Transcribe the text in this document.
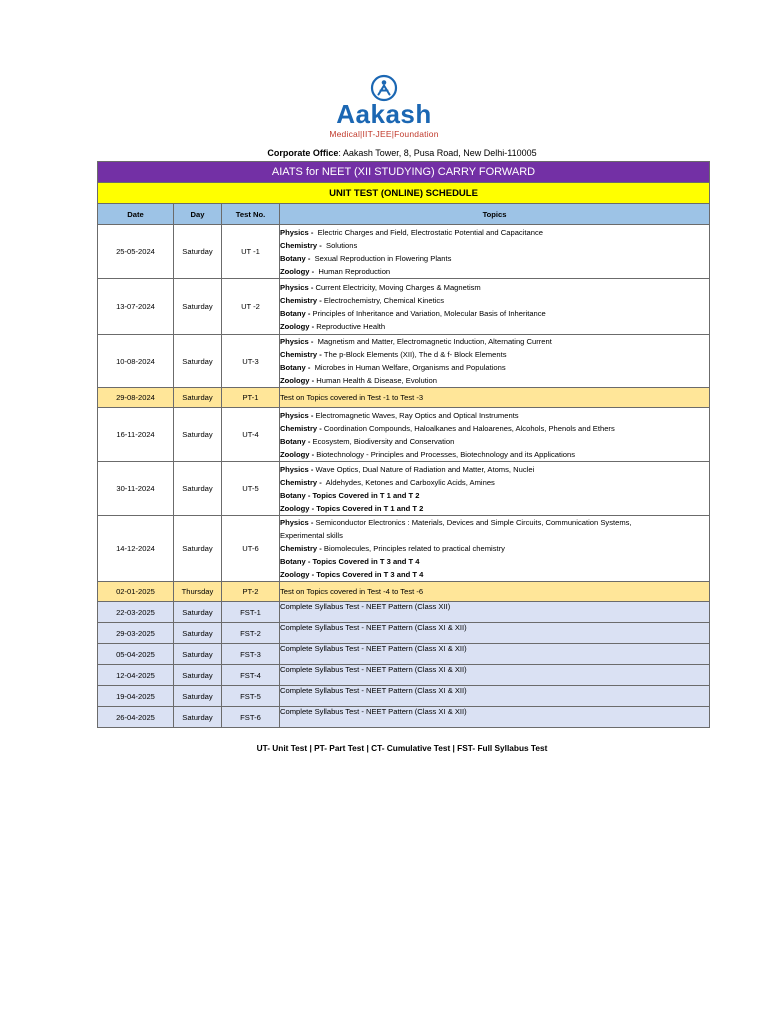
Aakash
Medical|IIT-JEE|Foundation
Corporate Office: Aakash Tower, 8, Pusa Road, New Delhi-110005
AIATS for NEET (XII STUDYING) CARRY FORWARD			
UNIT TEST (ONLINE) SCHEDULE			
Date	Day	Test No.	Topics
25-05-2024	Saturday	UT -1	Physics -  Electric Charges and Field, Electrostatic Potential and Capacitance
Chemistry -  Solutions
Botany -  Sexual Reproduction in Flowering Plants
Zoology -  Human Reproduction

13-07-2024	Saturday	UT -2	Physics - Current Electricity, Moving Charges & Magnetism
Chemistry - Electrochemistry, Chemical Kinetics
Botany - Principles of Inheritance and Variation, Molecular Basis of Inheritance
Zoology - Reproductive Health

10-08-2024	Saturday	UT-3	Physics -  Magnetism and Matter, Electromagnetic Induction, Alternating Current
Chemistry - The p-Block Elements (XII), The d & f- Block Elements
Botany -  Microbes in Human Welfare, Organisms and Populations
Zoology - Human Health & Disease, Evolution

29-08-2024	Saturday	PT-1	Test on Topics covered in Test -1 to Test -3
16-11-2024	Saturday	UT-4	Physics - Electromagnetic Waves, Ray Optics and Optical Instruments
Chemistry - Coordination Compounds, Haloalkanes and Haloarenes, Alcohols, Phenols and Ethers
Botany - Ecosystem, Biodiversity and Conservation
Zoology - Biotechnology - Principles and Processes, Biotechnology and its Applications

30-11-2024	Saturday	UT-5	Physics - Wave Optics, Dual Nature of Radiation and Matter, Atoms, Nuclei
Chemistry -  Aldehydes, Ketones and Carboxylic Acids, Amines
Botany - Topics Covered in T 1 and T 2
Zoology - Topics Covered in T 1 and T 2

14-12-2024	Saturday	UT-6	Physics - Semiconductor Electronics : Materials, Devices and Simple Circuits, Communication Systems,
Experimental skills
Chemistry - Biomolecules, Principles related to practical chemistry
Botany - Topics Covered in T 3 and T 4
Zoology - Topics Covered in T 3 and T 4

02-01-2025	Thursday	PT-2	Test on Topics covered in Test -4 to Test -6
22-03-2025	Saturday	FST-1	Complete Syllabus Test - NEET Pattern (Class XII)
29-03-2025	Saturday	FST-2	Complete Syllabus Test - NEET Pattern (Class XI & XII)
05-04-2025	Saturday	FST-3	Complete Syllabus Test - NEET Pattern (Class XI & XII)
12-04-2025	Saturday	FST-4	Complete Syllabus Test - NEET Pattern (Class XI & XII)
19-04-2025	Saturday	FST-5	Complete Syllabus Test - NEET Pattern (Class XI & XII)
26-04-2025	Saturday	FST-6	Complete Syllabus Test - NEET Pattern (Class XI & XII)
UT- Unit Test | PT- Part Test | CT- Cumulative Test | FST- Full Syllabus Test
